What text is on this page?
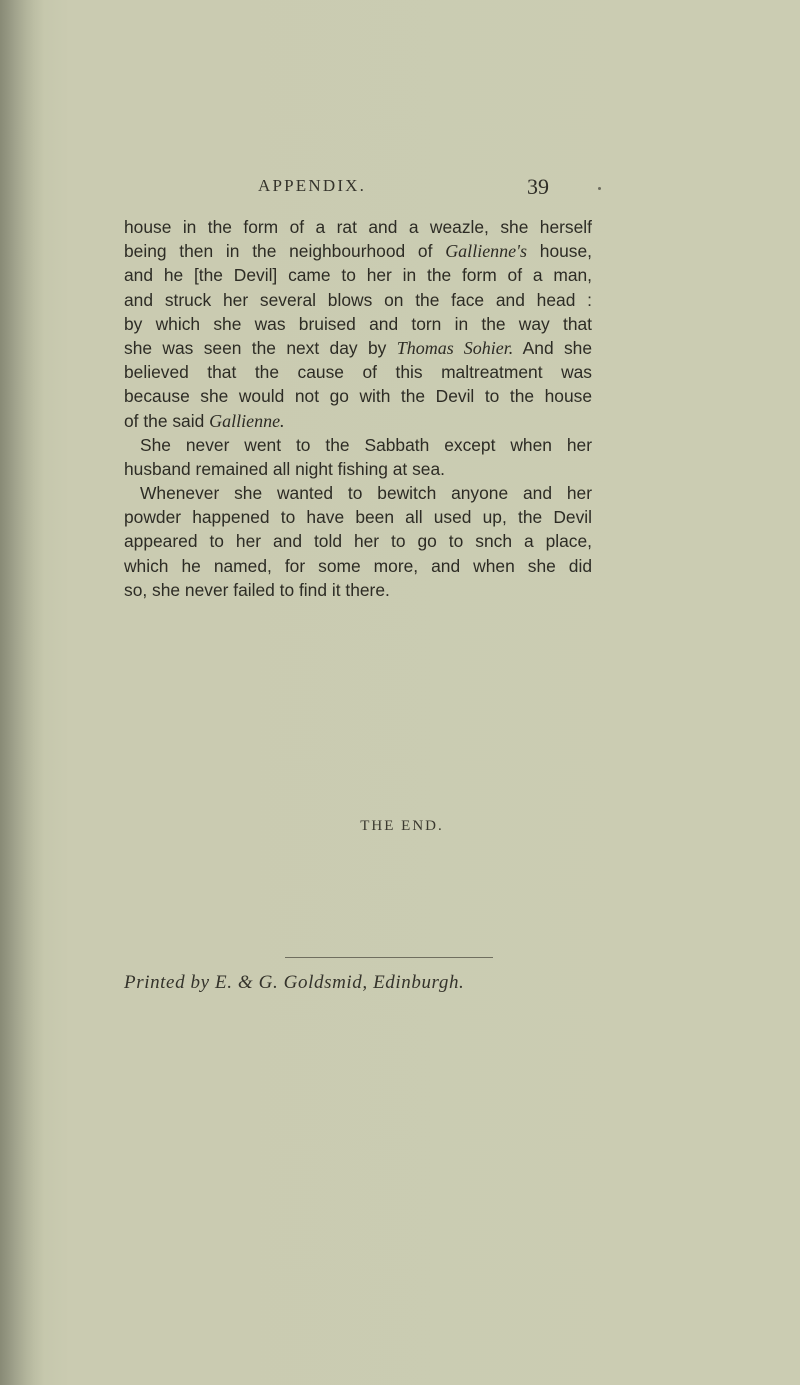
APPENDIX.	39
house in the form of a rat and a weazle, she herself
being then in the neighbourhood of Gallienne's house,
and he [the Devil] came to her in the form of a man,
and struck her several blows on the face and head :
by which she was bruised and torn in the way that
she was seen the next day by Thomas Sohier. And she
believed that the cause of this maltreatment was
because she would not go with the Devil to the house
of the said Gallienne.
She never went to the Sabbath except when her
husband remained all night fishing at sea.
Whenever she wanted to bewitch anyone and her
powder happened to have been all used up, the Devil
appeared to her and told her to go to snch a place,
which he named, for some more, and when she did
so, she never failed to find it there.
THE END.
Printed by E. & G. Goldsmid, Edinburgh.
